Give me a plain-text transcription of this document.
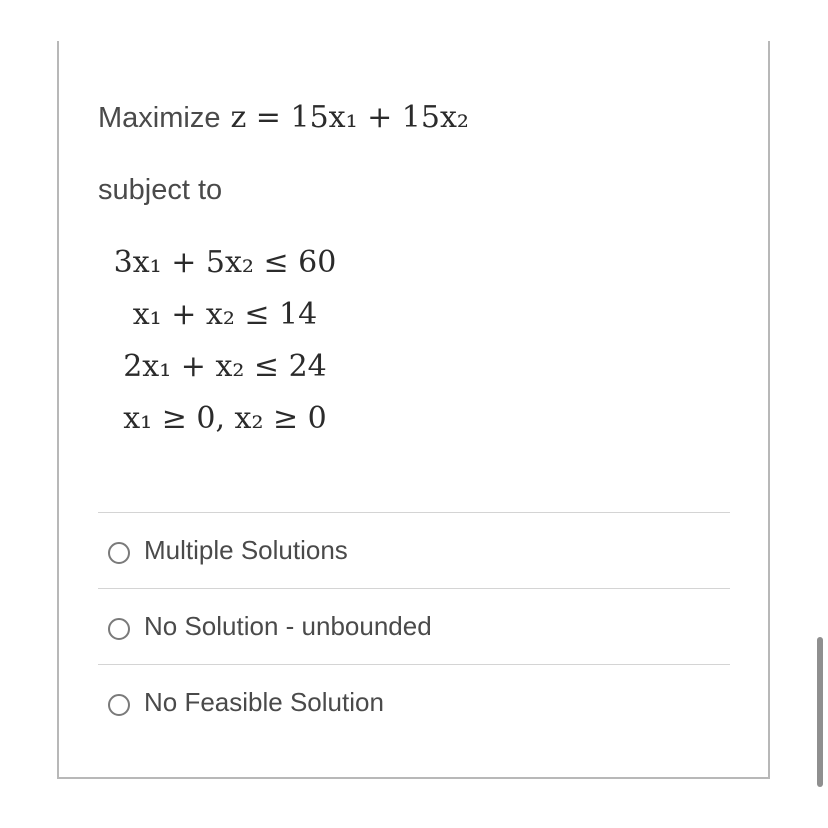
Maximize z = 15x₁ + 15x₂
subject to
3x₁ + 5x₂ ≤ 60
x₁ + x₂ ≤ 14
2x₁ + x₂ ≤ 24
x₁ ≥ 0, x₂ ≥ 0
Multiple Solutions
No Solution - unbounded
No Feasible Solution
